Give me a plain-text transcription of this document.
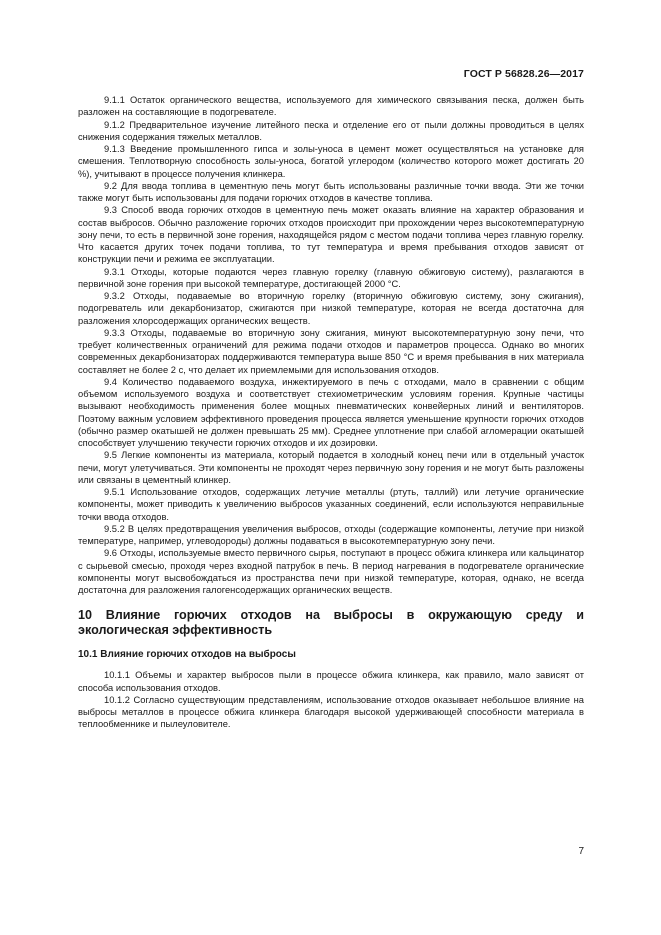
ГОСТ Р 56828.26—2017

9.1.1 Остаток органического вещества, используемого для химического связывания песка, должен быть разложен на составляющие в подогревателе.

9.1.2 Предварительное изучение литейного песка и отделение его от пыли должны проводиться в целях снижения содержания тяжелых металлов.

9.1.3 Введение промышленного гипса и золы-уноса в цемент может осуществляться на установке для смешения. Теплотворную способность золы-уноса, богатой углеродом (количество которого может достигать 20 %), учитывают в процессе получения клинкера.

9.2 Для ввода топлива в цементную печь могут быть использованы различные точки ввода. Эти же точки также могут быть использованы для подачи горючих отходов в качестве топлива.

9.3 Способ ввода горючих отходов в цементную печь может оказать влияние на характер образования и состав выбросов. Обычно разложение горючих отходов происходит при прохождении через высокотемпературную зону печи, то есть в первичной зоне горения, находящейся рядом с местом подачи топлива через главную горелку. Что касается других точек подачи топлива, то тут температура и время пребывания отходов зависят от конструкции печи и режима ее эксплуатации.

9.3.1 Отходы, которые подаются через главную горелку (главную обжиговую систему), разлагаются в первичной зоне горения при высокой температуре, достигающей 2000 °С.

9.3.2 Отходы, подаваемые во вторичную горелку (вторичную обжиговую систему, зону сжигания), подогреватель или декарбонизатор, сжигаются при низкой температуре, которая не всегда достаточна для разложения хлорсодержащих органических веществ.

9.3.3 Отходы, подаваемые во вторичную зону сжигания, минуют высокотемпературную зону печи, что требует количественных ограничений для режима подачи отходов и параметров процесса. Однако во многих современных декарбонизаторах поддерживаются температура выше 850 °С и время пребывания в них материала составляет не более 2 с, что делает их приемлемыми для использования отходов.

9.4 Количество подаваемого воздуха, инжектируемого в печь с отходами, мало в сравнении с общим объемом используемого воздуха и соответствует стехиометрическим условиям горения. Крупные частицы вызывают необходимость применения более мощных пневматических конвейерных линий и вентиляторов. Поэтому важным условием эффективного проведения процесса является уменьшение крупности горючих отходов (обычно размер окатышей не должен превышать 25 мм). Среднее уплотнение при слабой агломерации окатышей способствует улучшению текучести горючих отходов и их дозировки.

9.5 Легкие компоненты из материала, который подается в холодный конец печи или в отдельный участок печи, могут улетучиваться. Эти компоненты не проходят через первичную зону горения и не могут быть разложены или связаны в цементный клинкер.

9.5.1 Использование отходов, содержащих летучие металлы (ртуть, таллий) или летучие органические компоненты, может приводить к увеличению выбросов указанных соединений, если используются неправильные точки ввода отходов.

9.5.2 В целях предотвращения увеличения выбросов, отходы (содержащие компоненты, летучие при низкой температуре, например, углеводороды) должны подаваться в высокотемпературную зону печи.

9.6 Отходы, используемые вместо первичного сырья, поступают в процесс обжига клинкера или кальцинатор с сырьевой смесью, проходя через входной патрубок в печь. В период нагревания в подогревателе органические компоненты могут высвобождаться из пространства печи при низкой температуре, которая, однако, не всегда достаточна для разложения галогенсодержащих органических веществ.

10 Влияние горючих отходов на выбросы в окружающую среду и экологическая эффективность
10.1 Влияние горючих отходов на выбросы

10.1.1 Объемы и характер выбросов пыли в процессе обжига клинкера, как правило, мало зависят от способа использования отходов.

10.1.2 Согласно существующим представлениям, использование отходов оказывает небольшое влияние на выбросы металлов в процессе обжига клинкера благодаря высокой удерживающей способности материала в теплообменнике и пылеуловителе.

7
